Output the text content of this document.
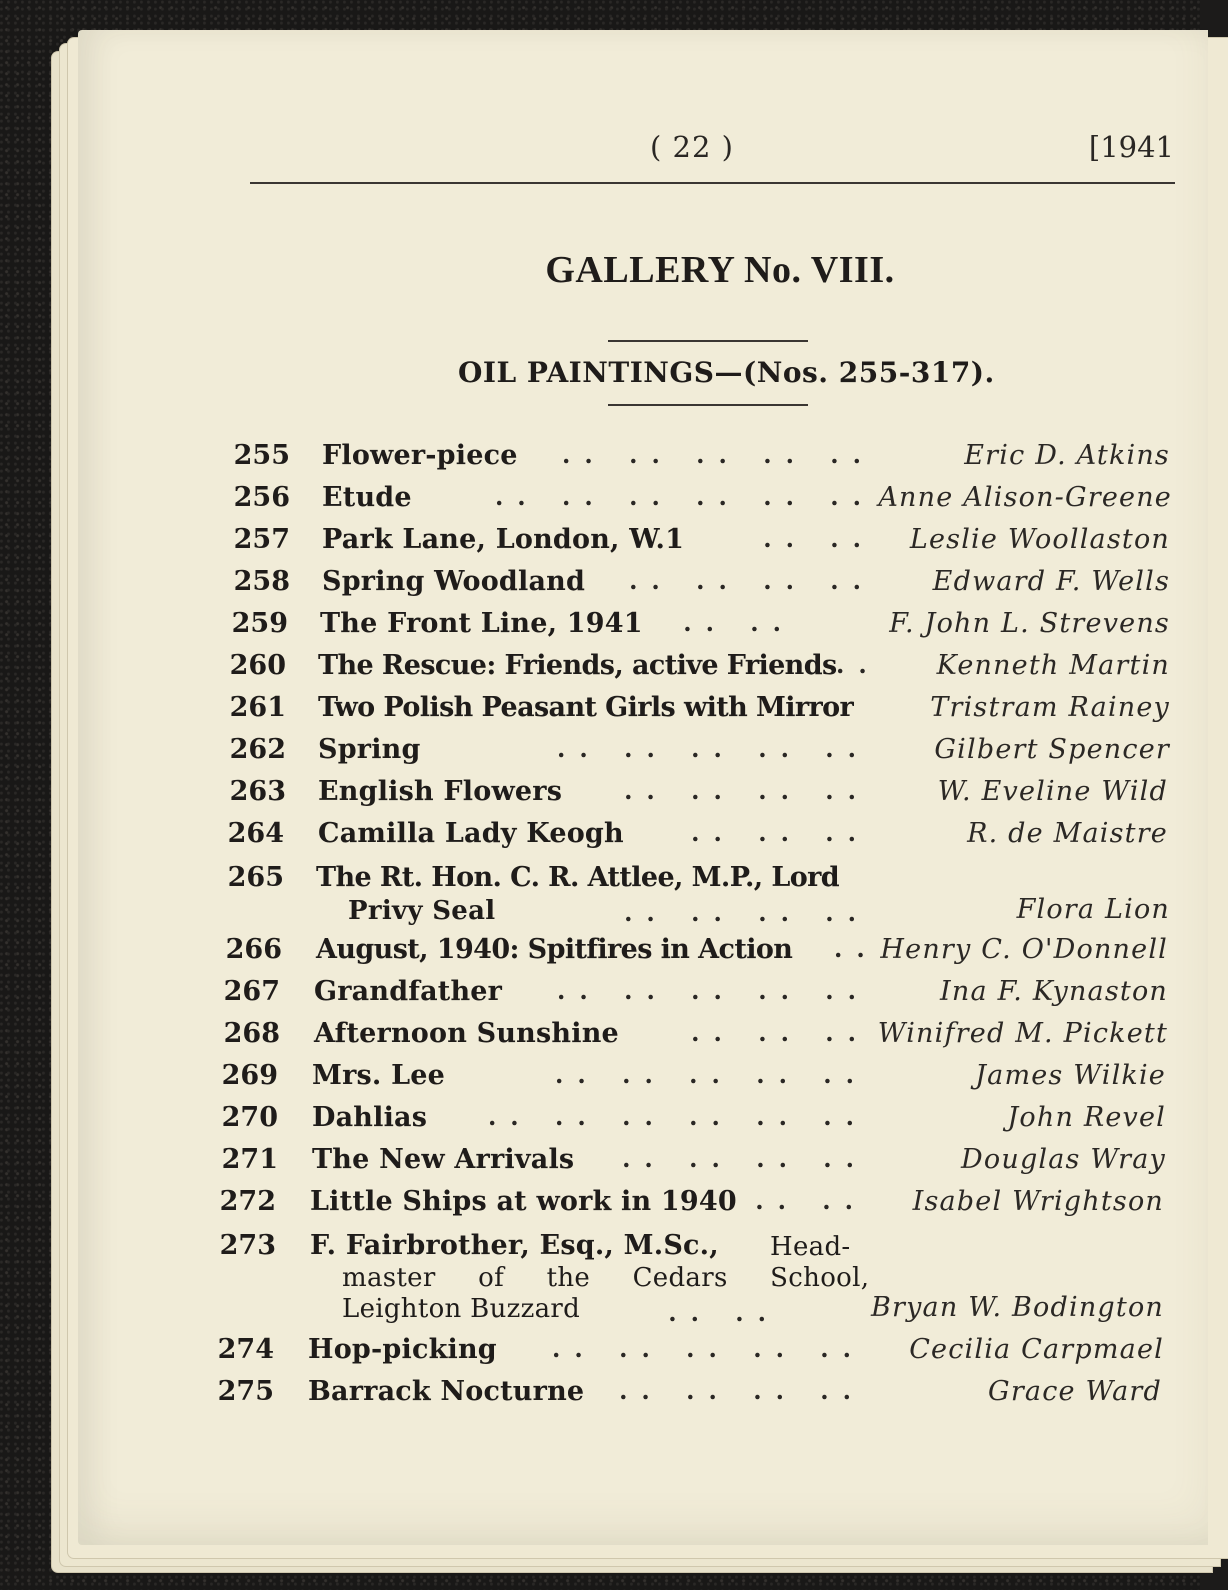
( 22 )	[1941
GALLERY No. VIII.
OIL PAINTINGS—(Nos. 255-317).
255 Flower-piece	.. .. .. .. ..	Eric D. Atkins
256 Etude	.. .. .. .. .. .. Anne Alison-Greene
257 Park Lane, London, W.1	.. .. Leslie Woollaston
258 Spring Woodland	.. .. .. .. Edward F. Wells
259 The Front Line, 1941	.. ..	F. John L. Strevens
260 The Rescue: Friends, active Friends .. Kenneth Martin
261 Two Polish Peasant Girls with Mirror	Tristram Rainey
262 Spring	.. .. .. .. .. Gilbert Spencer
263 English Flowers	.. .. .. ..	W. Eveline Wild
264 Camilla Lady Keogh	.. .. ..	R. de Maistre
265 The Rt. Hon. C. R. Attlee, M.P., Lord
Privy Seal	.. .. .. ..	Flora Lion
266 August, 1940: Spitfires in Action .. Henry C. O'Donnell
267 Grandfather	.. .. .. .. ..	Ina F. Kynaston
268 Afternoon Sunshine	.. .. .. Winifred M. Pickett
269 Mrs. Lee	.. .. .. .. ..	James Wilkie
270 Dahlias	.. .. .. .. .. ..	John Revel
271 The New Arrivals	.. .. .. ..	Douglas Wray
272 Little Ships at work in 1940 .. .. Isabel Wrightson
273 F. Fairbrother, Esq., M.Sc., Head-
master of the Cedars School,
Leighton Buzzard	.. ..	Bryan W. Bodington
274 Hop-picking	.. .. .. .. .. Cecilia Carpmael
275 Barrack Nocturne	.. .. .. ..	Grace Ward
